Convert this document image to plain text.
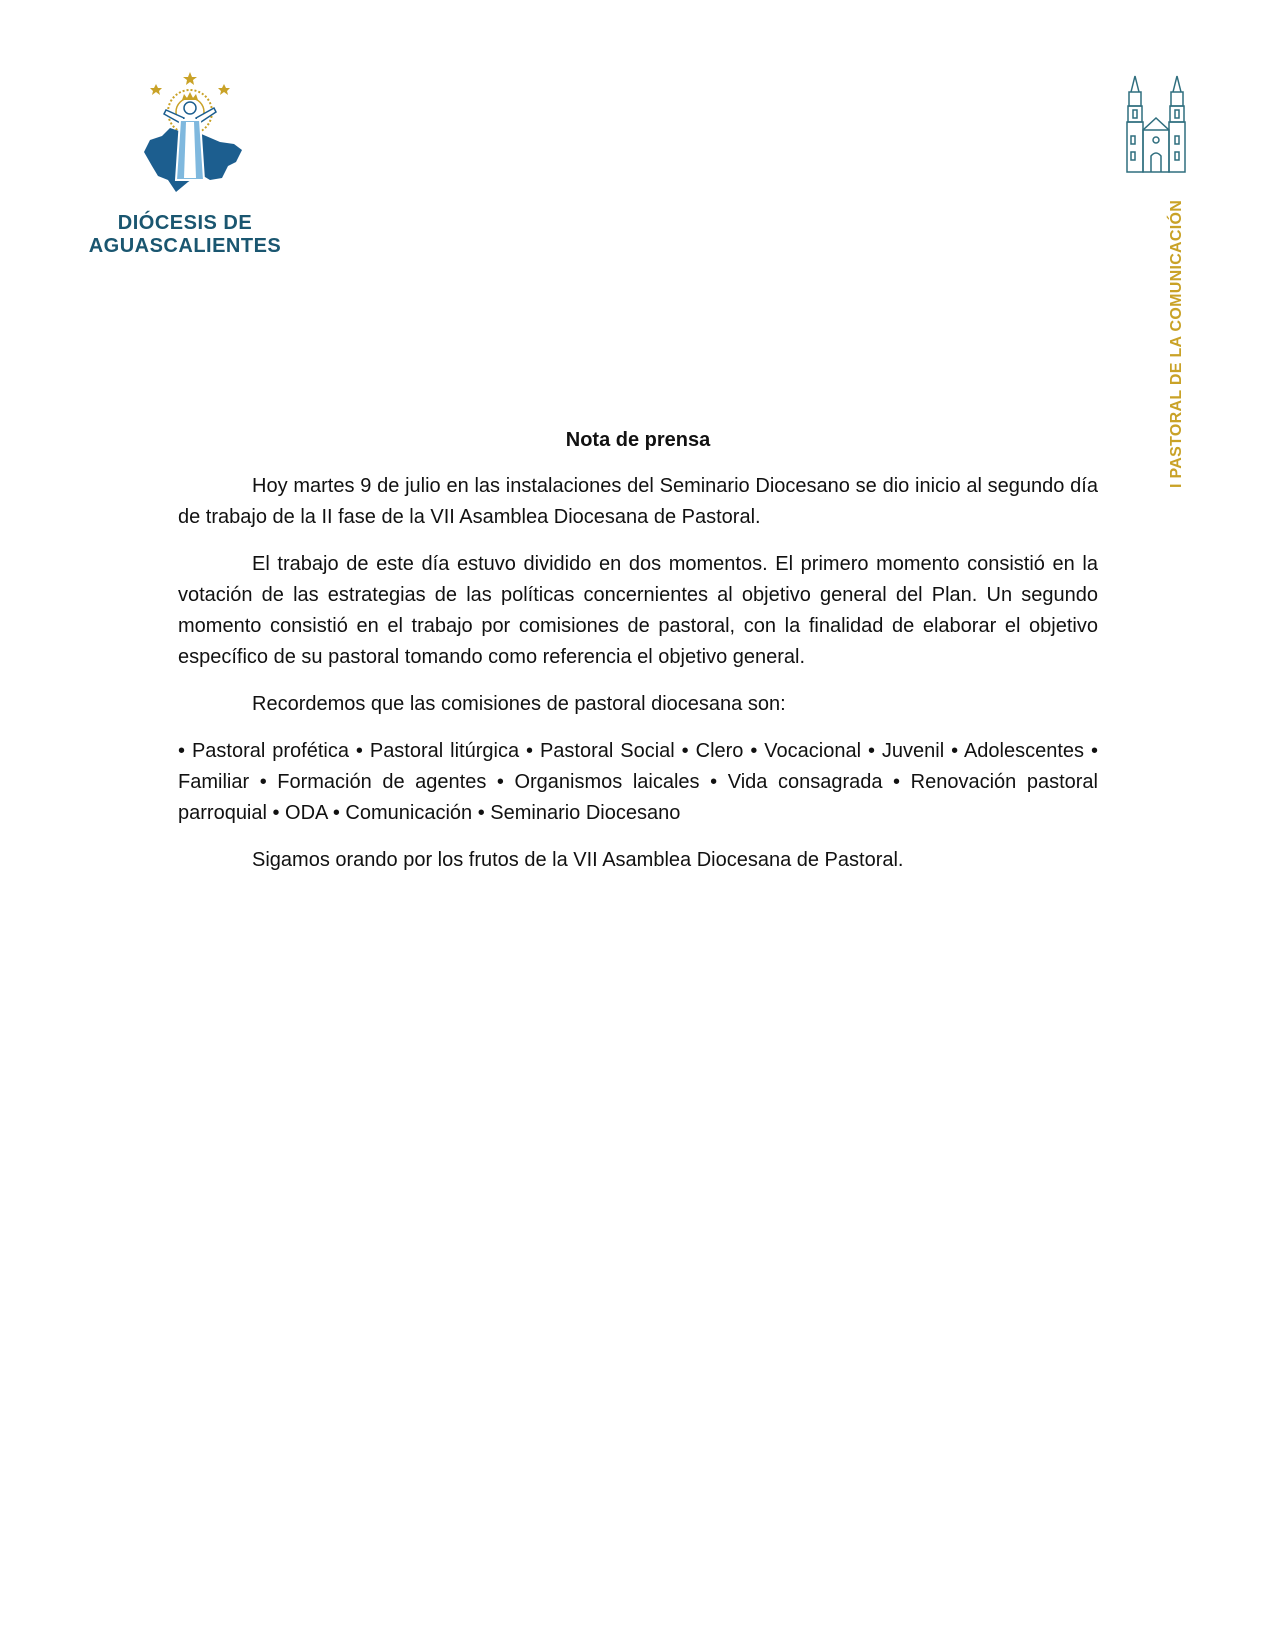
DIÓCESIS DE
AGUASCALIENTES	I PASTORAL DE LA COMUNICACIÓN
Nota de prensa

Hoy martes 9 de julio en las instalaciones del Seminario Diocesano se dio inicio al segundo día de trabajo de la II fase de la VII Asamblea Diocesana de Pastoral.

El trabajo de este día estuvo dividido en dos momentos. El primero momento consistió en la votación de las estrategias de las políticas concernientes al objetivo general del Plan. Un segundo momento consistió en el trabajo por comisiones de pastoral, con la finalidad de elaborar el objetivo específico de su pastoral tomando como referencia el objetivo general.

Recordemos que las comisiones de pastoral diocesana son:

• Pastoral profética • Pastoral litúrgica • Pastoral Social • Clero • Vocacional • Juvenil • Adolescentes • Familiar • Formación de agentes • Organismos laicales • Vida consagrada • Renovación pastoral parroquial • ODA • Comunicación • Seminario Diocesano

Sigamos orando por los frutos de la VII Asamblea Diocesana de Pastoral.
